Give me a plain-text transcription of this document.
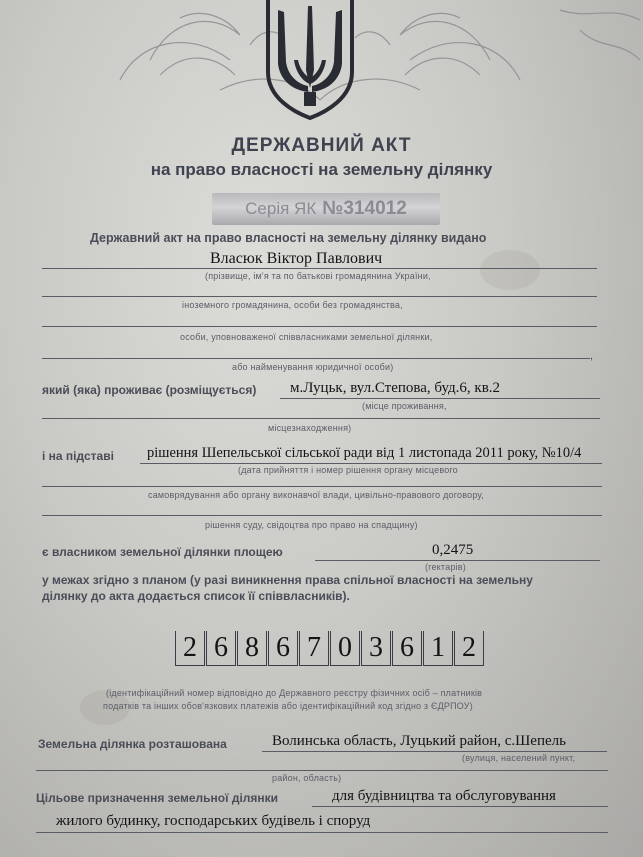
ДЕРЖАВНИЙ АКТ
на право власності на земельну ділянку
Серія ЯК №314012
Державний акт на право власності на земельну ділянку видано
Власюк Віктор Павлович
(прізвище, ім'я та по батькові громадянина України,
іноземного громадянина, особи без громадянства,
особи, уповноваженої співвласниками земельної ділянки,
,
або найменування юридичної особи)
який (яка) проживає (розміщується) м.Луцьк, вул.Степова, буд.6, кв.2
(місце проживання,
місцезнаходження)
і на підставі рішення Шепельської сільської ради від 1 листопада 2011 року, №10/4
(дата прийняття і номер рішення органу місцевого
самоврядування або органу виконавчої влади, цивільно-правового договору,
рішення суду, свідоцтва про право на спадщину)
є власником земельної ділянки площею	0,2475
(гектарів)
у межах згідно з планом (у разі виникнення права спільної власності на земельну
ділянку до акта додається список її співвласників).
2 6 8 6 7 0 3 6 1 2
(ідентифікаційний номер відповідно до Державного реєстру фізичних осіб – платників
податків та інших обов'язкових платежів або ідентифікаційний код згідно з ЄДРПОУ)
Земельна ділянка розташована	Волинська область, Луцький район, с.Шепель
(вулиця, населений пункт,
район, область)
Цільове призначення земельної ділянки	для будівництва та обслуговування
жилого будинку, господарських будівель і споруд
